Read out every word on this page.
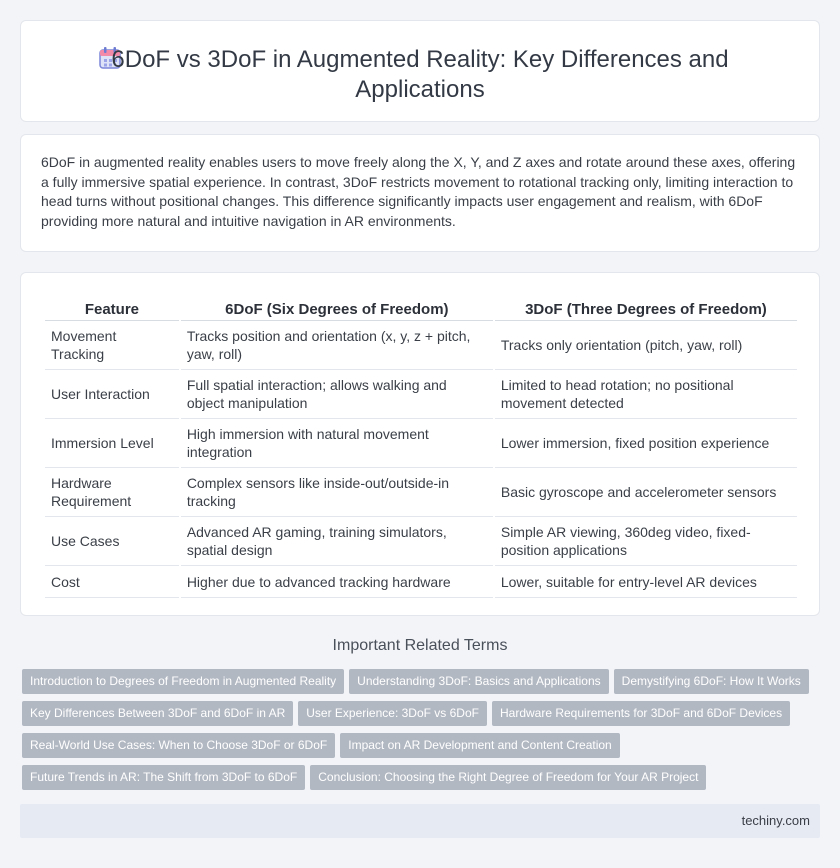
6DoF vs 3DoF in Augmented Reality: Key Differences and Applications

6DoF in augmented reality enables users to move freely along the X, Y, and Z axes and rotate around these axes, offering a fully immersive spatial experience. In contrast, 3DoF restricts movement to rotational tracking only, limiting interaction to head turns without positional changes. This difference significantly impacts user engagement and realism, with 6DoF providing more natural and intuitive navigation in AR environments.

Feature	6DoF (Six Degrees of Freedom)	3DoF (Three Degrees of Freedom)
Movement Tracking	Tracks position and orientation (x, y, z + pitch, yaw, roll)	Tracks only orientation (pitch, yaw, roll)
User Interaction	Full spatial interaction; allows walking and object manipulation	Limited to head rotation; no positional movement detected
Immersion Level	High immersion with natural movement integration	Lower immersion, fixed position experience
Hardware Requirement	Complex sensors like inside-out/outside-in tracking	Basic gyroscope and accelerometer sensors
Use Cases	Advanced AR gaming, training simulators, spatial design	Simple AR viewing, 360deg video, fixed-position applications
Cost	Higher due to advanced tracking hardware	Lower, suitable for entry-level AR devices
Important Related Terms
Introduction to Degrees of Freedom in Augmented Reality Understanding 3DoF: Basics and Applications Demystifying 6DoF: How It Works
Key Differences Between 3DoF and 6DoF in AR User Experience: 3DoF vs 6DoF Hardware Requirements for 3DoF and 6DoF Devices
Real-World Use Cases: When to Choose 3DoF or 6DoF Impact on AR Development and Content Creation
Future Trends in AR: The Shift from 3DoF to 6DoF Conclusion: Choosing the Right Degree of Freedom for Your AR Project
techiny.com
